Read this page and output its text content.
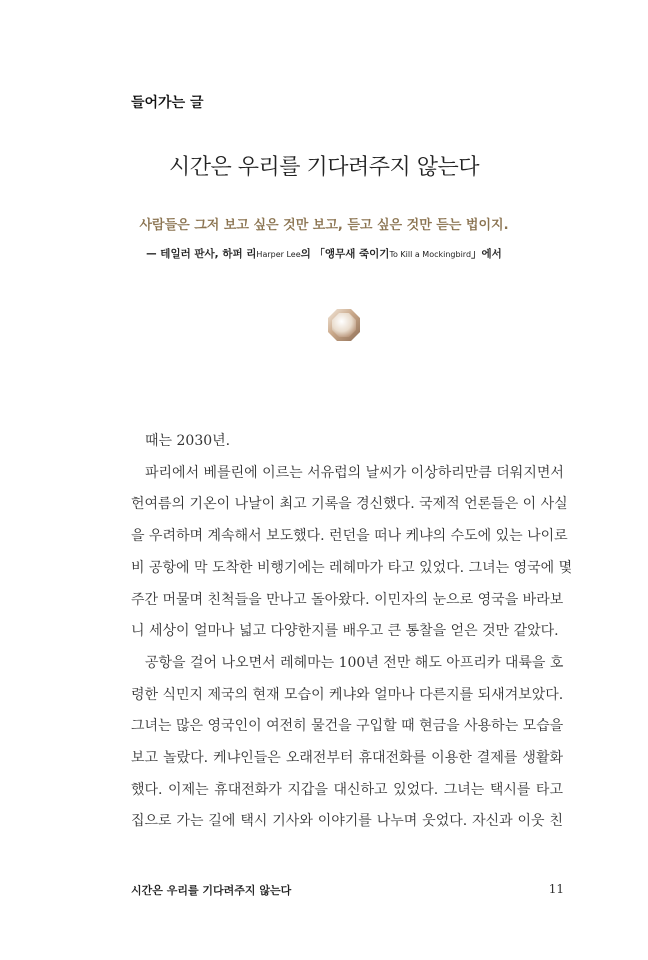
들어가는 글
시간은 우리를 기다려주지 않는다
사람들은 그저 보고 싶은 것만 보고, 듣고 싶은 것만 듣는 법이지.
— 테일러 판사, 하퍼 리Harper Lee의 「앵무새 죽이기To Kill a Mockingbird」에서
때는 2030년.
파리에서 베를린에 이르는 서유럽의 날씨가 이상하리만큼 더워지면서
헌여름의 기온이 나날이 최고 기록을 경신했다. 국제적 언론들은 이 사실
을 우려하며 계속해서 보도했다. 런던을 떠나 케냐의 수도에 있는 나이로
비 공항에 막 도착한 비행기에는 레헤마가 타고 있었다. 그녀는 영국에 몇
주간 머물며 친척들을 만나고 돌아왔다. 이민자의 눈으로 영국을 바라보
니 세상이 얼마나 넓고 다양한지를 배우고 큰 통찰을 얻은 것만 같았다.
공항을 걸어 나오면서 레헤마는 100년 전만 해도 아프리카 대륙을 호
령한 식민지 제국의 현재 모습이 케냐와 얼마나 다른지를 되새겨보았다.
그녀는 많은 영국인이 여전히 물건을 구입할 때 현금을 사용하는 모습을
보고 놀랐다. 케냐인들은 오래전부터 휴대전화를 이용한 결제를 생활화
했다. 이제는 휴대전화가 지갑을 대신하고 있었다. 그녀는 택시를 타고
집으로 가는 길에 택시 기사와 이야기를 나누며 웃었다. 자신과 이웃 친
시간은 우리를 기다려주지 않는다	11
